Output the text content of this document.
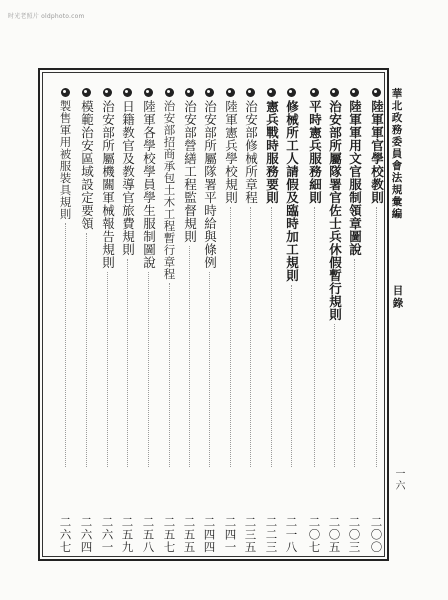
时光老照片 oldphoto.com
華北政務委員會法規彙編
目錄
一六
陸軍軍官學校教則
二〇〇
陸軍軍用文官服制領章圖說
二〇三
治安部所屬隊署官佐士兵休假暫行規則
二〇五
平時憲兵服務細則
二〇七
修械所工人請假及臨時加工規則
二一八
憲兵戰時服務要則
二二三
治安部修械所章程
二三五
陸軍憲兵學校規則
二四一
治安部所屬隊署平時給與條例
二四四
治安部營繕工程監督規則
二五五
治安部招商承包土木工程暫行章程
二五七
陸軍各學校學員學生服制圖說
二五八
日籍教官及教導官旅費規則
二五九
治安部所屬機關軍械報告規則
二六一
模範治安區域設定要領
二六四
製售軍用被服裝具規則
二六七
